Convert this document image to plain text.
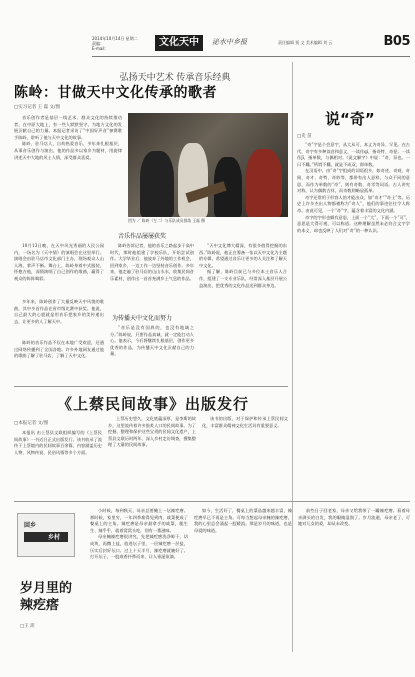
2014年10月14日 星期二
责编：
E-mail：
文化天中	泌水中乡报	责任编辑 贾 文 美术编辑 刘 云	B05
弘扬天中艺术 传承音乐经典
陈岭：甘做天中文化传承的歌者
□实习记者 王 磊 文/图

音乐创作者是基层一线艺术、群众文化的持续推动者，在中原大地上，有一些人默默坚守，为地方文化的发展贡献自己的力量。本报记者采访了“中国好声音”参赛歌手陈岭，聆听了他与天中文化的故事。

陈岭，驻马店人，自幼热爱音乐，多年来扎根基层，从事音乐创作与演出，他的作品多以家乡为题材，用旋律讲述天中大地的风土人情，深受群众喜爱。

图为 ／ 陈岭（左二）与乐队成员排练 王磊 摄
音乐作品屡屡获奖

10月13日晚，在天中风光秀丽的人民公园内，一场名为《天中情》的演唱会在这里举行。演唱会由驻马店市文化部门主办，现场观众人山人海，掌声不断。舞台上，陈岭身着中式服装，怀抱吉他，深情演唱了自己创作的歌曲，赢得了观众的阵阵喝彩。

多年来，陈岭创作了大量反映天中风貌的歌曲，其中多首作品在省市级比赛中获奖。他说，自己最大的心愿就是用音乐把家乡的美传递出去，让更多的人了解天中。

陈岭告诉记者，他的音乐之路起步于高中时代，那时他组建了学校乐队，开始尝试创作。大学毕业后，他放弃了外地的工作机会，回到家乡，一边工作一边坚持音乐创作。多年来，他走遍了驻马店的山山水水，收集民间音乐素材，创作出一首首充满乡土气息的作品。

“天中文化博大精深，有很多值得挖掘的东西。”陈岭说，他正在筹备一张以天中文化为主题的专辑，希望通过音乐让更多的人关注和了解天中文化。

据了解，陈岭目前已与多位本土音乐人合作，组建了一支专业乐队，经常深入基层开展公益演出，把优秀的文化作品送到群众身边。

为传播天中文化而努力

“音乐是没有国界的，也没有地域之分。”陈岭说，只要作品真诚，就一定能打动人心。他表示，今后将继续扎根基层，创作更多优秀的作品，为传播天中文化贡献自己的力量。

陈岭的音乐作品不仅在本地广受欢迎，还通过网络传播到了全国各地。许多外地网友通过他的歌曲了解了驻马店，了解了天中文化。

《上蔡民间故事》出版发行
□本报记者 文/图

本报讯 由上蔡县文联组织编写的《上蔡民间故事》一书近日正式出版发行。该书收录了流传于上蔡境内的民间故事百余篇，内容涵盖历史人物、风物传说、民俗风情等多个方面。

上蔡历史悠久，文化底蕴深厚，是李斯的故乡，这里流传着许多脍炙人口的民间故事。为了挖掘、整理和保护这些宝贵的民间文化遗产，上蔡县文联历时两年，深入乡村走访调查，搜集整理了大量的民间故事。

该书的出版，对于保护和传承上蔡民间文化，丰富群众精神文化生活具有重要意义。

说“奇”
□史 苗

“奇”字是个会意字，从大从可，本义为奇异、罕见。在古代，奇字有多种读音和意义，一读作qí，指奇特、奇怪；一读作jī，指单数，与偶相对。《说文解字》中说：“奇，异也。一曰不耦。”所谓不耦，就是不成双，即单数。

在汉语中，由“奇”字组成的词语很多，如奇迹、奇观、奇闻、奇才、奇特、奇妙等，都带有出人意料、与众不同的意思。而作为单数的“奇”，则有奇数、奇零等词语。古人讲究对称，认为偶数吉祥，而奇数则略显孤单。

奇字还常用于形容人的才能出众，如“奇才”“奇士”等。历史上许多杰出人物都被称为“奇人”，他们的事迹往往令人称奇。由此可见，一个“奇”字，蕴含着丰富的文化内涵。

奇字的字形也颇有意思，上面一个“大”，下面一个“可”，意思是大得可观、可以称道。这种理解虽然未必符合文字学的本义，却也反映了人们对“奇”的一种认识。

回乡
乡村
岁月里的辣疙瘩
□王 沛

小时候，每到秋天，母亲总要腌上一坛辣疙瘩。那时候，家里穷，一年四季难得见到肉，咸菜便成了餐桌上的主角。辣疙瘩是母亲最拿手的咸菜，脆生生、辣乎乎，就着窝窝头吃，别有一番滋味。

母亲腌辣疙瘩很讲究。先把辣疙瘩洗净晾干，切成块，再撒上盐，放进坛子里，一层辣疙瘩一层盐，压实后封好坛口。过上十天半月，辣疙瘩就腌好了。打开坛子，一股咸香扑鼻而来，让人垂涎欲滴。

如今，生活好了，餐桌上的菜品越来越丰富，辣疙瘩早已不再是主角。可每当想起母亲腌的辣疙瘩，我的心里总会涌起一股暖流。那是岁月的味道，也是母爱的味道。

前些日子回老家，母亲又给我带了一罐辣疙瘩。看着母亲满头的白发，我的眼睛湿润了。岁月流逝，母亲老了，可她对儿女的爱，却从未改变。
